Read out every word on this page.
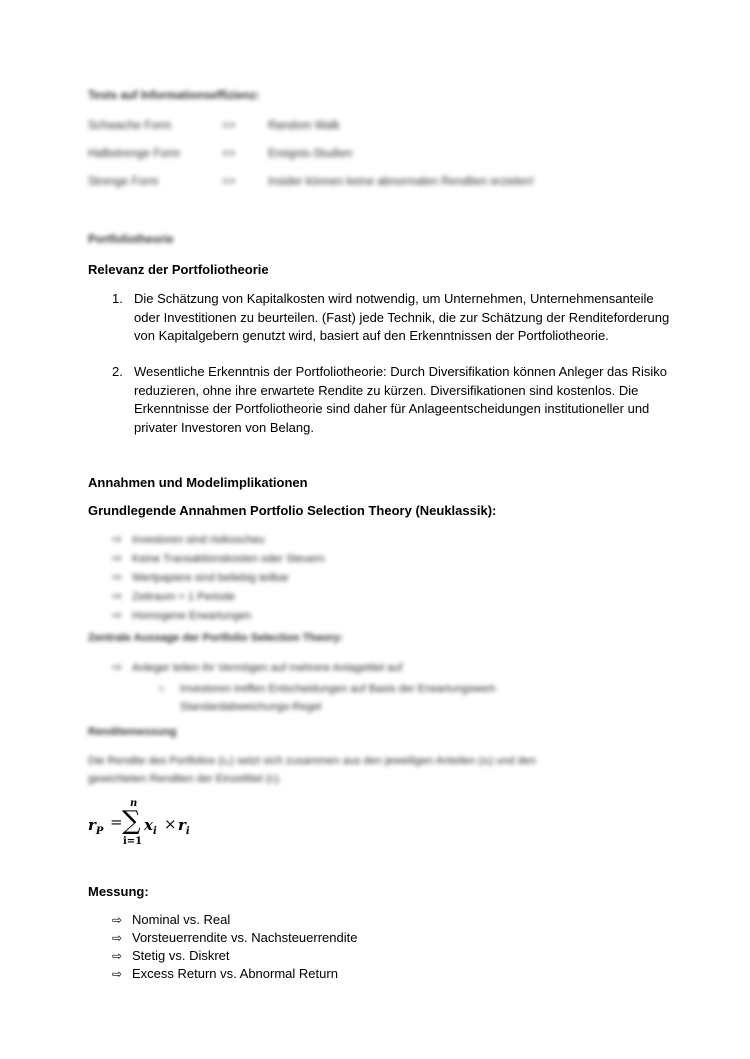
Tests auf Informationseffizienz:
Schwache Form	=>	Random Walk
Halbstrenge Form	=>	Ereignis-Studien
Strenge Form	=>	Insider können keine abnormalen Renditen erzielen!
Portfoliotheorie
Relevanz der Portfoliotheorie
1. Die Schätzung von Kapitalkosten wird notwendig, um Unternehmen, Unternehmensanteile oder Investitionen zu beurteilen. (Fast) jede Technik, die zur Schätzung der Renditeforderung von Kapitalgebern genutzt wird, basiert auf den Erkenntnissen der Portfoliotheorie.
2. Wesentliche Erkenntnis der Portfoliotheorie: Durch Diversifikation können Anleger das Risiko reduzieren, ohne ihre erwartete Rendite zu kürzen. Diversifikationen sind kostenlos. Die Erkenntnisse der Portfoliotheorie sind daher für Anlageentscheidungen institutioneller und privater Investoren von Belang.
Annahmen und Modelimplikationen
Grundlegende Annahmen Portfolio Selection Theory (Neuklassik):
⇨ Investoren sind risikoscheu
⇨ Keine Transaktionskosten oder Steuern
⇨ Wertpapiere sind beliebig teilbar
⇨ Zeitraum = 1 Periode
⇨ Homogene Erwartungen
Zentrale Aussage der Portfolio Selection Theory:
⇨ Anleger teilen ihr Vermögen auf mehrere Anlagetitel auf
○ Investoren treffen Entscheidungen auf Basis der Erwartungswert-
Standardabweichungs-Regel
Renditemessung
Die Rendite des Portfolios (rₚ) setzt sich zusammen aus den jeweiligen Anteilen (xᵢ) und den
gewichteten Renditen der Einzeltitel (rᵢ).
$r_P$
=
n
∑
i=1
$x_i \times r_i$
Messung:
⇨ Nominal vs. Real
⇨ Vorsteuerrendite vs. Nachsteuerrendite
⇨ Stetig vs. Diskret
⇨ Excess Return vs. Abnormal Return
